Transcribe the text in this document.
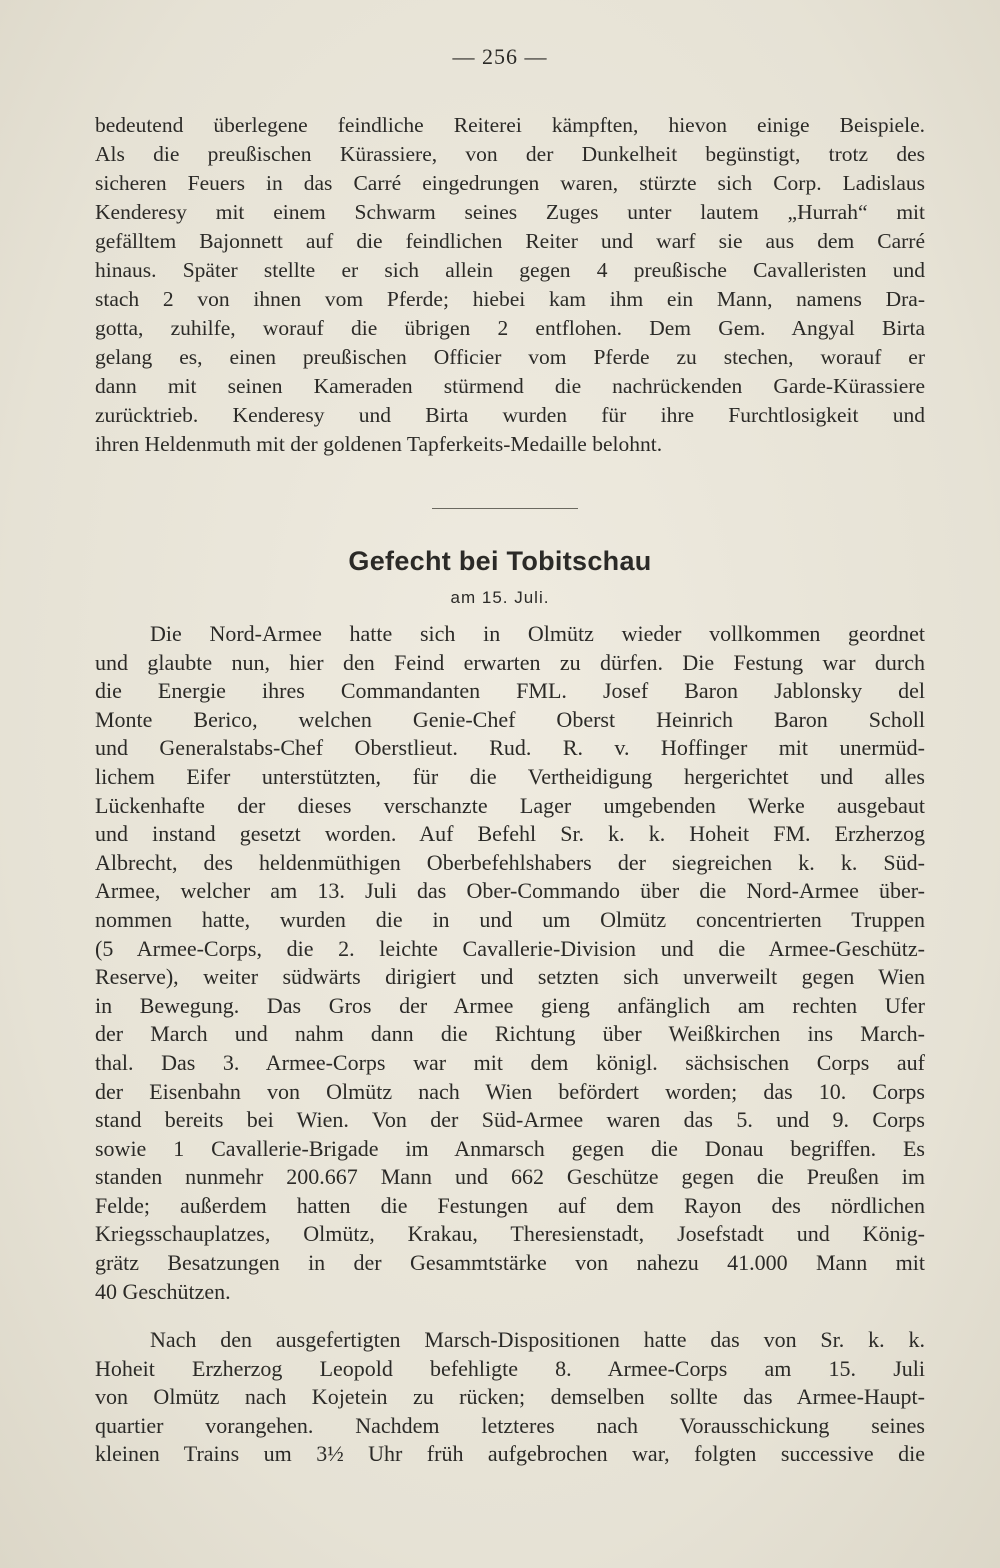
— 256 —
bedeutend überlegene feindliche Reiterei kämpften, hievon einige Beispiele.
Als die preußischen Kürassiere, von der Dunkelheit begünstigt, trotz des
sicheren Feuers in das Carré eingedrungen waren, stürzte sich Corp. Ladislaus
Kenderesy mit einem Schwarm seines Zuges unter lautem „Hurrah“ mit
gefälltem Bajonnett auf die feindlichen Reiter und warf sie aus dem Carré
hinaus. Später stellte er sich allein gegen 4 preußische Cavalleristen und
stach 2 von ihnen vom Pferde; hiebei kam ihm ein Mann, namens Dra-
gotta, zuhilfe, worauf die übrigen 2 entflohen. Dem Gem. Angyal Birta
gelang es, einen preußischen Officier vom Pferde zu stechen, worauf er
dann mit seinen Kameraden stürmend die nachrückenden Garde-Kürassiere
zurücktrieb. Kenderesy und Birta wurden für ihre Furchtlosigkeit und
ihren Heldenmuth mit der goldenen Tapferkeits-Medaille belohnt.
Gefecht bei Tobitschau
am 15. Juli.
Die Nord-Armee hatte sich in Olmütz wieder vollkommen geordnet
und glaubte nun, hier den Feind erwarten zu dürfen. Die Festung war durch
die Energie ihres Commandanten FML. Josef Baron Jablonsky del
Monte Berico, welchen Genie-Chef Oberst Heinrich Baron Scholl
und Generalstabs-Chef Oberstlieut. Rud. R. v. Hoffinger mit unermüd-
lichem Eifer unterstützten, für die Vertheidigung hergerichtet und alles
Lückenhafte der dieses verschanzte Lager umgebenden Werke ausgebaut
und instand gesetzt worden. Auf Befehl Sr. k. k. Hoheit FM. Erzherzog
Albrecht, des heldenmüthigen Oberbefehlshabers der siegreichen k. k. Süd-
Armee, welcher am 13. Juli das Ober-Commando über die Nord-Armee über-
nommen hatte, wurden die in und um Olmütz concentrierten Truppen
(5 Armee-Corps, die 2. leichte Cavallerie-Division und die Armee-Geschütz-
Reserve), weiter südwärts dirigiert und setzten sich unverweilt gegen Wien
in Bewegung. Das Gros der Armee gieng anfänglich am rechten Ufer
der March und nahm dann die Richtung über Weißkirchen ins March-
thal. Das 3. Armee-Corps war mit dem königl. sächsischen Corps auf
der Eisenbahn von Olmütz nach Wien befördert worden; das 10. Corps
stand bereits bei Wien. Von der Süd-Armee waren das 5. und 9. Corps
sowie 1 Cavallerie-Brigade im Anmarsch gegen die Donau begriffen. Es
standen nunmehr 200.667 Mann und 662 Geschütze gegen die Preußen im
Felde; außerdem hatten die Festungen auf dem Rayon des nördlichen
Kriegsschauplatzes, Olmütz, Krakau, Theresienstadt, Josefstadt und König-
grätz Besatzungen in der Gesammtstärke von nahezu 41.000 Mann mit
40 Geschützen.
Nach den ausgefertigten Marsch-Dispositionen hatte das von Sr. k. k.
Hoheit Erzherzog Leopold befehligte 8. Armee-Corps am 15. Juli
von Olmütz nach Kojetein zu rücken; demselben sollte das Armee-Haupt-
quartier vorangehen. Nachdem letzteres nach Vorausschickung seines
kleinen Trains um 3½ Uhr früh aufgebrochen war, folgten successive die
